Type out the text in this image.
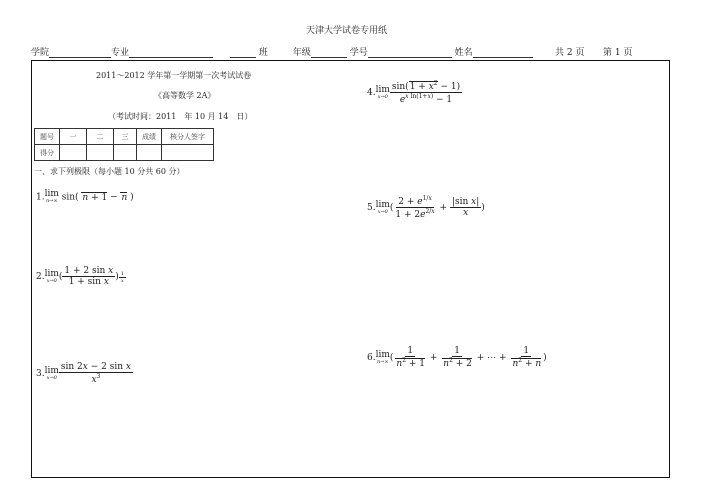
天津大学试卷专用纸
学院	专业	班	年级	学号	姓名	共 2 页 第 1 页
2011～2012 学年第一学期第一次考试试卷
《高等数学 2A》
（考试时间：2011　年 10 月 14　日）
题号	一	二	三	成绩	核分人签字
得分					
一、求下列极限（每小题 10 分共 60 分）
1. lim
n→∞ sin( n + 1 − n )
2. lim
x→0 ( $\frac{\text{1 + 2 sin x}}{\text{1 + sin x}}$ ) $\frac{1}{x}$
3. lim
$x\to 0 \frac{\text{sin 2x − 2 sin x}}{x^3}$
4. lim
$x\to 0 \frac{\sin(1 + x^2 - 1)}{e^{x ln(1+x)} - 1}$
5. lim
x→0 ( $\frac{2 + e^{1/x}}{1 + 2e^{2/x}} + \frac{\text{|sin x|}}{x}$ )
6. lim
n→∞ ( $\frac{1}{n^2 + 1} + \frac{1}{n^2 + 2}$ + ⋯ + $\frac{1}{n^2 + n}$ )
